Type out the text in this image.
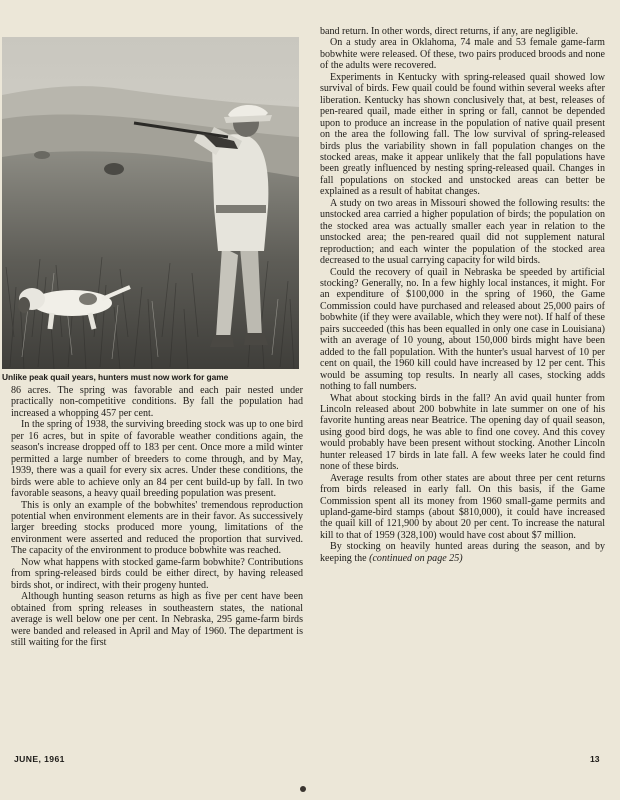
Unlike peak quail years, hunters must now work for game

86 acres. The spring was favorable and each pair nested under practically non-competitive conditions. By fall the population had increased a whopping 457 per cent.

In the spring of 1938, the surviving breeding stock was up to one bird per 16 acres, but in spite of favorable weather conditions again, the season's increase dropped off to 183 per cent. Once more a mild winter permitted a large number of breeders to come through, and by May, 1939, there was a quail for every six acres. Under these conditions, the birds were able to achieve only an 84 per cent build-up by fall. In two favorable seasons, a heavy quail breeding population was present.

This is only an example of the bobwhites' tremendous reproduction potential when environment elements are in their favor. As successively larger breeding stocks produced more young, limitations of the environment were asserted and reduced the proportion that survived. The capacity of the environment to produce bobwhite was reached.

Now what happens with stocked game-farm bobwhite? Contributions from spring-released birds could be either direct, by having released birds shot, or indirect, with their progeny hunted.

Although hunting season returns as high as five per cent have been obtained from spring releases in southeastern states, the national average is well below one per cent. In Nebraska, 295 game-farm birds were banded and released in April and May of 1960. The department is still waiting for the first

band return. In other words, direct returns, if any, are negligible.

On a study area in Oklahoma, 74 male and 53 female game-farm bobwhite were released. Of these, two pairs produced broods and none of the adults were recovered.

Experiments in Kentucky with spring-released quail showed low survival of birds. Few quail could be found within several weeks after liberation. Kentucky has shown conclusively that, at best, releases of pen-reared quail, made either in spring or fall, cannot be depended upon to produce an increase in the population of native quail present on the area the following fall. The low survival of spring-released birds plus the variability shown in fall population changes on the stocked areas, make it appear unlikely that the fall populations have been greatly influenced by nesting spring-released quail. Changes in fall populations on stocked and unstocked areas can better be explained as a result of habitat changes.

A study on two areas in Missouri showed the following results: the unstocked area carried a higher population of birds; the population on the stocked area was actually smaller each year in relation to the unstocked area; the pen-reared quail did not supplement natural reproduction; and each winter the population of the stocked area decreased to the usual carrying capacity for wild birds.

Could the recovery of quail in Nebraska be speeded by artificial stocking? Generally, no. In a few highly local instances, it might. For an expenditure of $100,000 in the spring of 1960, the Game Commission could have purchased and released about 25,000 pairs of bobwhite (if they were available, which they were not). If half of these pairs succeeded (this has been equalled in only one case in Louisiana) with an average of 10 young, about 150,000 birds might have been added to the fall population. With the hunter's usual harvest of 10 per cent on quail, the 1960 kill could have increased by 12 per cent. This would be assuming top results. In nearly all cases, stocking adds nothing to fall numbers.

What about stocking birds in the fall? An avid quail hunter from Lincoln released about 200 bobwhite in late summer on one of his favorite hunting areas near Beatrice. The opening day of quail season, using good bird dogs, he was able to find one covey. And this covey would probably have been present without stocking. Another Lincoln hunter released 17 birds in late fall. A few weeks later he could find none of these birds.

Average results from other states are about three per cent returns from birds released in early fall. On this basis, if the Game Commission spent all its money from 1960 small-game permits and upland-game-bird stamps (about $810,000), it could have increased the quail kill of 121,900 by about 20 per cent. To increase the natural kill to that of 1959 (328,100) would have cost about $7 million.

By stocking on heavily hunted areas during the season, and by keeping the (continued on page 25)

JUNE, 1961	13
